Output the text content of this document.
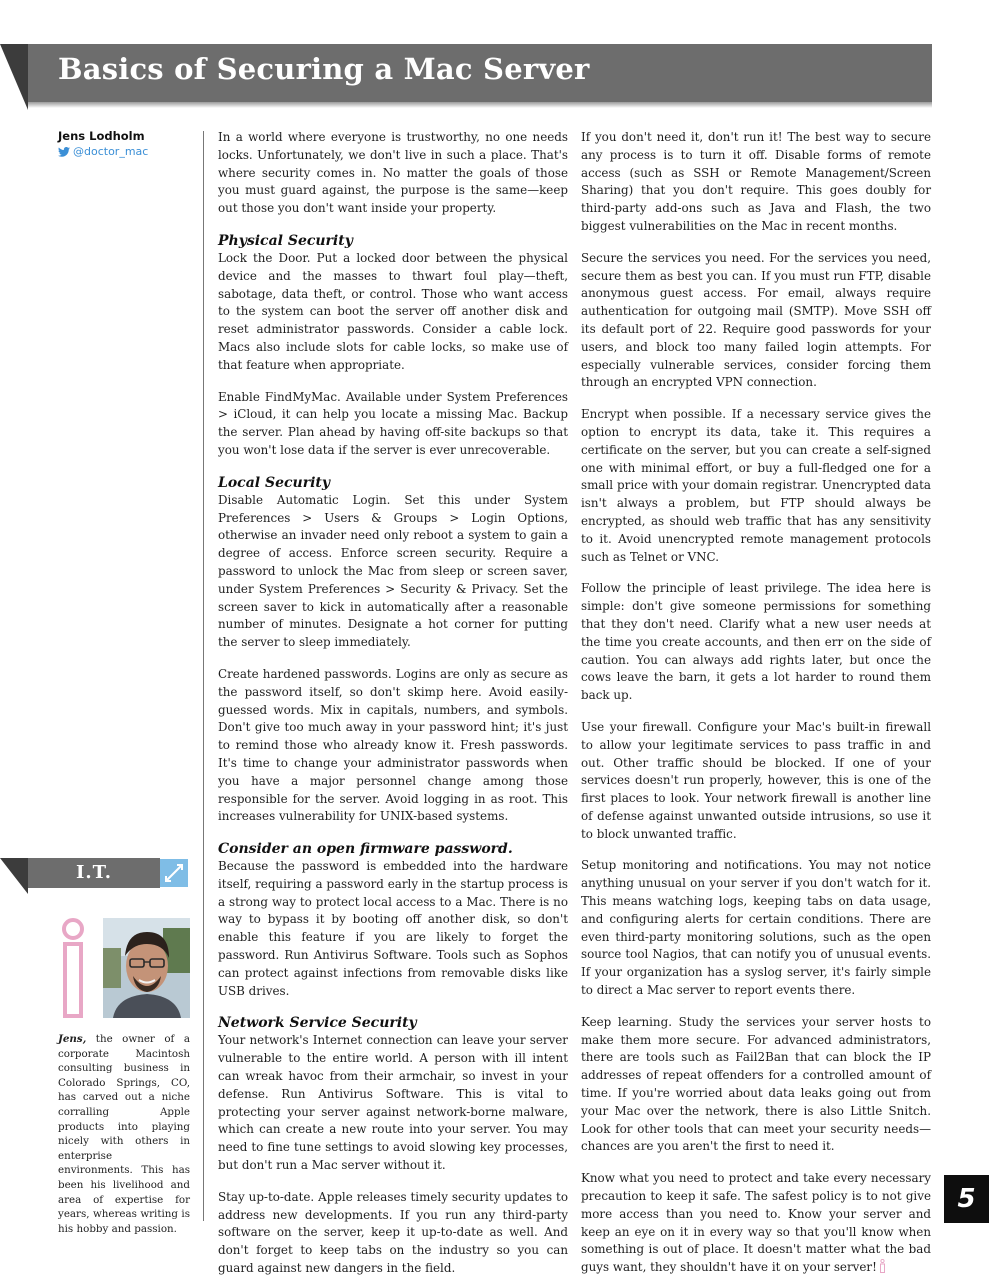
Basics of Securing a Mac Server
Jens Lodholm
@doctor_mac
I.T.
Jens, the owner of a corporate Macintosh consulting business in Colorado Springs, CO, has carved out a niche corralling Apple products into playing nicely with others in enterprise environments. This has been his livelihood and area of expertise for years, whereas writing is his hobby and passion.

In a world where everyone is trustworthy, no one needs locks. Unfortunately, we don't live in such a place. That's where security comes in. No matter the goals of those you must guard against, the purpose is the same—keep out those you don't want inside your property.

Physical Security

Lock the Door. Put a locked door between the physical device and the masses to thwart foul play—theft, sabotage, data theft, or control. Those who want access to the system can boot the server off another disk and reset administrator passwords. Consider a cable lock. Macs also include slots for cable locks, so make use of that feature when appropriate.

Enable FindMyMac. Available under System Preferences > iCloud, it can help you locate a missing Mac. Backup the server. Plan ahead by having off-site backups so that you won't lose data if the server is ever unrecoverable.

Local Security

Disable Automatic Login. Set this under System Preferences > Users & Groups > Login Options, otherwise an invader need only reboot a system to gain a degree of access. Enforce screen security. Require a password to unlock the Mac from sleep or screen saver, under System Preferences > Security & Privacy. Set the screen saver to kick in automatically after a reasonable number of minutes. Designate a hot corner for putting the server to sleep immediately.

Create hardened passwords. Logins are only as secure as the password itself, so don't skimp here. Avoid easily-guessed words. Mix in capitals, numbers, and symbols. Don't give too much away in your password hint; it's just to remind those who already know it. Fresh passwords. It's time to change your administrator passwords when you have a major personnel change among those responsible for the server. Avoid logging in as root. This increases vulnerability for UNIX-based systems.

Consider an open firmware password.

Because the password is embedded into the hardware itself, requiring a password early in the startup process is a strong way to protect local access to a Mac. There is no way to bypass it by booting off another disk, so don't enable this feature if you are likely to forget the password. Run Antivirus Software. Tools such as Sophos can protect against infections from removable disks like USB drives.

Network Service Security

Your network's Internet connection can leave your server vulnerable to the entire world. A person with ill intent can wreak havoc from their armchair, so invest in your defense. Run Antivirus Software. This is vital to protecting your server against network-borne malware, which can create a new route into your server. You may need to fine tune settings to avoid slowing key processes, but don't run a Mac server without it.

Stay up-to-date. Apple releases timely security updates to address new developments. If you run any third-party software on the server, keep it up-to-date as well. And don't forget to keep tabs on the industry so you can guard against new dangers in the field.

If you don't need it, don't run it! The best way to secure any process is to turn it off. Disable forms of remote access (such as SSH or Remote Management/Screen Sharing) that you don't require. This goes doubly for third-party add-ons such as Java and Flash, the two biggest vulnerabilities on the Mac in recent months.

Secure the services you need. For the services you need, secure them as best you can. If you must run FTP, disable anonymous guest access. For email, always require authentication for outgoing mail (SMTP). Move SSH off its default port of 22. Require good passwords for your users, and block too many failed login attempts. For especially vulnerable services, consider forcing them through an encrypted VPN connection.

Encrypt when possible. If a necessary service gives the option to encrypt its data, take it. This requires a certificate on the server, but you can create a self-signed one with minimal effort, or buy a full-fledged one for a small price with your domain registrar. Unencrypted data isn't always a problem, but FTP should always be encrypted, as should web traffic that has any sensitivity to it. Avoid unencrypted remote management protocols such as Telnet or VNC.

Follow the principle of least privilege. The idea here is simple: don't give someone permissions for something that they don't need. Clarify what a new user needs at the time you create accounts, and then err on the side of caution. You can always add rights later, but once the cows leave the barn, it gets a lot harder to round them back up.

Use your firewall. Configure your Mac's built-in firewall to allow your legitimate services to pass traffic in and out. Other traffic should be blocked. If one of your services doesn't run properly, however, this is one of the first places to look. Your network firewall is another line of defense against unwanted outside intrusions, so use it to block unwanted traffic.

Setup monitoring and notifications. You may not notice anything unusual on your server if you don't watch for it. This means watching logs, keeping tabs on data usage, and configuring alerts for certain conditions. There are even third-party monitoring solutions, such as the open source tool Nagios, that can notify you of unusual events. If your organization has a syslog server, it's fairly simple to direct a Mac server to report events there.

Keep learning. Study the services your server hosts to make them more secure. For advanced administrators, there are tools such as Fail2Ban that can block the IP addresses of repeat offenders for a controlled amount of time. If you're worried about data leaks going out from your Mac over the network, there is also Little Snitch. Look for other tools that can meet your security needs—chances are you aren't the first to need it.

Know what you need to protect and take every necessary precaution to keep it safe. The safest policy is to not give more access than you need to. Know your server and keep an eye on it in every way so that you'll know when something is out of place. It doesn't matter what the bad guys want, they shouldn't have it on your server!

5
